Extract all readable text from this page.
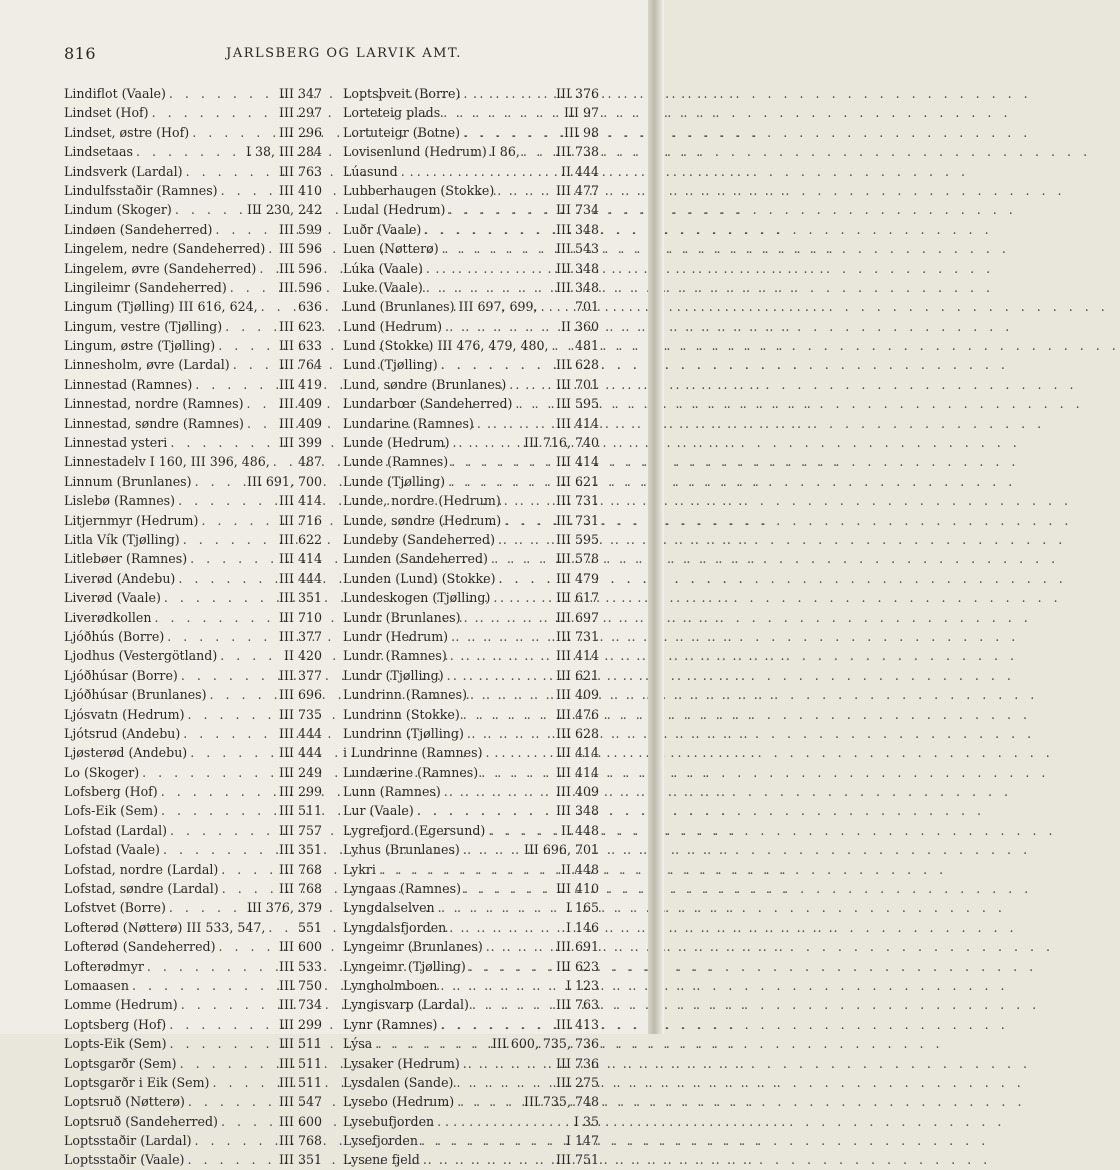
816	JARLSBERG OG LARVIK AMT.
Lindiflot (Vaale) . . .	III 347
Lindset (Hof) . . .	III 297
Lindset, østre (Hof) . . .	III 296
Lindsetaas . . .	I 38, III 284
Lindsverk (Lardal) . . .	III 763
Lindulfsstaðir (Ramnes) . . .	III 410
Lindum (Skoger) . . .	III 230, 242
Lindøen (Sandeherred) . . .	III 599
Lingelem, nedre (Sandeherred) . . . III 596
Lingelem, øvre (Sandeherred) . . . III 596
Lingileimr (Sandeherred) . . .	III 596
Lingum (Tjølling) III 616, 624, . . .	636
Lingum, vestre (Tjølling) . . .	III 623
Lingum, østre (Tjølling) . . .	III 633
Linnesholm, øvre (Lardal) . . .	III 764
Linnestad (Ramnes) . . .	III 419
Linnestad, nordre (Ramnes) . . .	III 409
Linnestad, søndre (Ramnes) . . .	III 409
Linnestad ysteri . . .	III 399
Linnestadelv I 160, III 396, 486, . . . 487
Linnum (Brunlanes) . . .	III 691, 700
Lislebø (Ramnes) . . .	III 414
Litjernmyr (Hedrum) . . .	III 716
Litla Vík (Tjølling) . . .	III 622
Litlebøer (Ramnes) . . .	III 414
Liverød (Andebu) . . .	III 444
Liverød (Vaale) . . .	III 351
Liverødkollen . . .	III 710
Ljóðhús (Borre) . . .	III 377
Ljodhus (Vestergötland) . . .	II 420
Ljóðhúsar (Borre) . . .	III 377
Ljóðhúsar (Brunlanes) . . .	III 696
Ljósvatn (Hedrum) . . .	III 735
Ljótsrud (Andebu) . . .	III 444
Ljøsterød (Andebu) . . .	III 444
Lo (Skoger) . . .	III 249
Lofsberg (Hof) . . .	III 299
Lofs-Eik (Sem) . . .	III 511
Lofstad (Lardal) . . .	III 757
Lofstad (Vaale) . . .	III 351
Lofstad, nordre (Lardal) . . .	III 768
Lofstad, søndre (Lardal) . . .	III 768
Lofstvet (Borre) . . .	III 376, 379
Lofterød (Nøtterø) III 533, 547, . . .	551
Lofterød (Sandeherred) . . .	III 600
Lofterødmyr . . .	III 533
Lomaasen . . .	III 750
Lomme (Hedrum) . . .	III 734
Loptsberg (Hof) . . .	III 299
Lopts-Eik (Sem) . . .	III 511
Loptsgarðr (Sem) . . .	III 511
Loptsgarðr i Eik (Sem) . . .	III 511
Loptsruð (Nøtterø) . . .	III 547
Loptsruð (Sandeherred) . . .	III 600
Loptsstaðir (Lardal) . . .	III 768
Loptsstaðir (Vaale) . . .	III 351
Loptsþveit (Borre) . . .	III 376
Lorteteig plads . . .	III 97
Lortuteigr (Botne) . . .	III 98
Lovisenlund (Hedrum) I 86, . . .	III 738
Lúasund . . .	II 444
Lubberhaugen (Stokke) . . .	III 477
Ludal (Hedrum) . . .	III 734
Luðr (Vaale) . . .	III 348
Luen (Nøtterø) . . .	III 543
Lúka (Vaale) . . .	III 348
Luke (Vaale) . . .	III 348
Lund (Brunlanes) III 697, 699, . . .	701
Lund (Hedrum) . . .	II 360
Lund (Stokke) III 476, 479, 480, . . . 481
Lund (Tjølling) . . .	III 628
Lund, søndre (Brunlanes) . . .	III 701
Lundarbœr (Sandeherred) . . .	III 595
Lundarine (Ramnes) . . .	III 414
Lunde (Hedrum) . . .	III 716, 740
Lunde (Ramnes) . . .	III 414
Lunde (Tjølling) . . .	III 621
Lunde, nordre (Hedrum) . . .	III 731
Lunde, søndre (Hedrum) . . .	III 731
Lundeby (Sandeherred) . . .	III 595
Lunden (Sandeherred) . . .	III 578
Lunden (Lund) (Stokke) . . .	III 479
Lundeskogen (Tjølling) . . .	III 617
Lundr (Brunlanes) . . .	III 697
Lundr (Hedrum) . . .	III 731
Lundr (Ramnes) . . .	III 414
Lundr (Tjølling) . . .	III 621
Lundrinn (Ramnes) . . .	III 409
Lundrinn (Stokke) . . .	III 476
Lundrinn (Tjølling) . . .	III 628
i Lundrinne (Ramnes) . . .	III 414
Lundærine (Ramnes) . . .	III 414
Lunn (Ramnes) . . .	III 409
Lur (Vaale) . . .	III 348
Lygrefjord (Egersund) . . .	II 448
Lyhus (Brunlanes) . . .	III 696, 701
Lykri . . .	II 448
Lyngaas (Ramnes) . . .	III 410
Lyngdalselven . . .	I 165
Lyngdalsfjorden . . .	I 146
Lyngeimr (Brunlanes) . . .	III 691
Lyngeimr (Tjølling) . . .	III 623
Lyngholmboen . . .	I 123
Lyngisvarp (Lardal) . . .	III 763
Lynr (Ramnes) . . .	III 413
Lýsa . . .	III 600, 735, 736
Lysaker (Hedrum) . . .	III 736
Lysdalen (Sande) . . .	III 275
Lysebo (Hedrum) . . .	III 735, 748
Lysebufjorden . . .	I 35
Lysefjorden . . .	I 147
Lysene fjeld . . .	III 751
